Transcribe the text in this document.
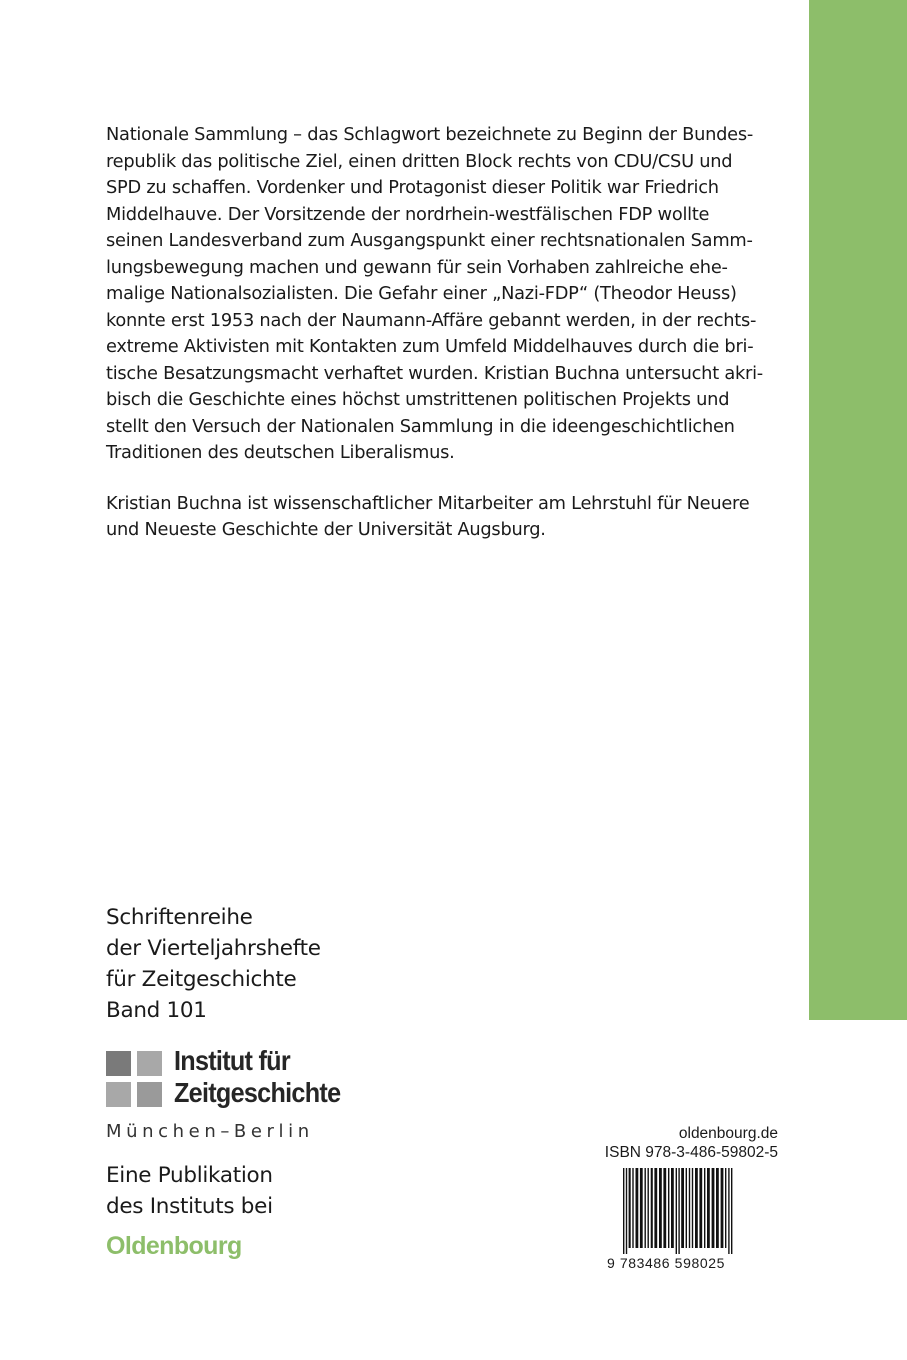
Nationale Sammlung – das Schlagwort bezeichnete zu Beginn der Bundes-
republik das politische Ziel, einen dritten Block rechts von CDU/CSU und
SPD zu schaffen. Vordenker und Protagonist dieser Politik war Friedrich
Middelhauve. Der Vorsitzende der nordrhein-westfälischen FDP wollte
seinen Landesverband zum Ausgangspunkt einer rechtsnationalen Samm-
lungsbewegung machen und gewann für sein Vorhaben zahlreiche ehe-
malige Nationalsozialisten. Die Gefahr einer „Nazi-FDP“ (Theodor Heuss)
konnte erst 1953 nach der Naumann-Affäre gebannt werden, in der rechts-
extreme Aktivisten mit Kontakten zum Umfeld Middelhauves durch die bri-
tische Besatzungsmacht verhaftet wurden. Kristian Buchna untersucht akri-
bisch die Geschichte eines höchst umstrittenen politischen Projekts und
stellt den Versuch der Nationalen Sammlung in die ideengeschichtlichen
Traditionen des deutschen Liberalismus.

Kristian Buchna ist wissenschaftlicher Mitarbeiter am Lehrstuhl für Neuere
und Neueste Geschichte der Universität Augsburg.

Schriftenreihe
der Vierteljahrshefte
für Zeitgeschichte
Band 101
Institut für
Zeitgeschichte
München–Berlin
Eine Publikation
des Instituts bei
Oldenbourg
oldenbourg.de
ISBN 978-3-486-59802-5
9 783486 598025
